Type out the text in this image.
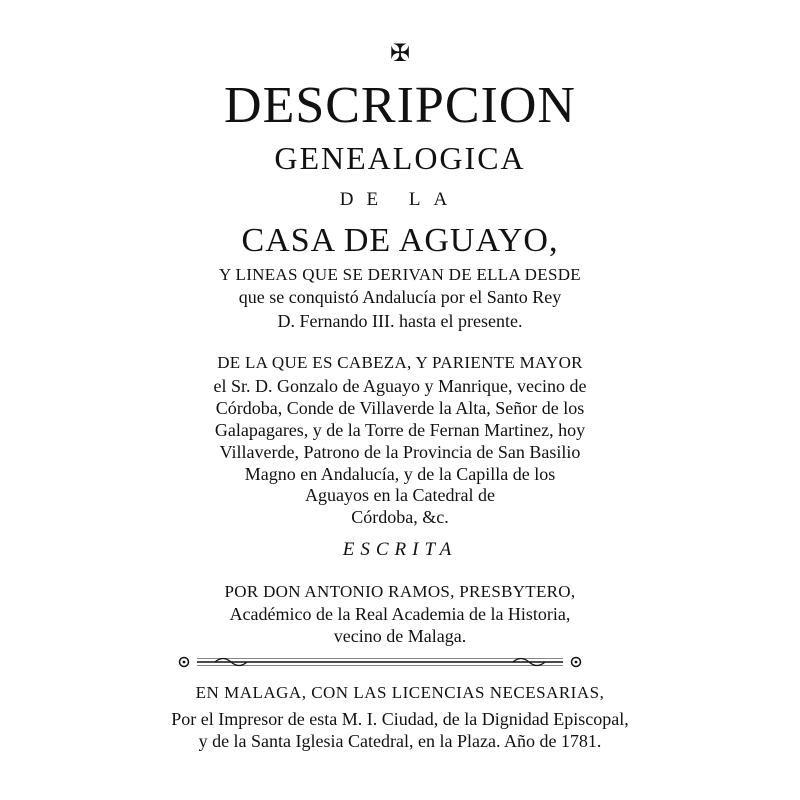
✠
DESCRIPCION
GENEALOGICA
DE LA
CASA DE AGUAYO,
Y LINEAS QUE SE DERIVAN DE ELLA DESDE
que se conquistó Andalucía por el Santo Rey
D. Fernando III. hasta el presente.
DE LA QUE ES CABEZA, Y PARIENTE MAYOR
el Sr. D. Gonzalo de Aguayo y Manrique, vecino de
Córdoba, Conde de Villaverde la Alta, Señor de los
Galapagares, y de la Torre de Fernan Martinez, hoy
Villaverde, Patrono de la Provincia de San Basilio
Magno en Andalucía, y de la Capilla de los
Aguayos en la Catedral de
Córdoba, &c.
ESCRITA
POR DON ANTONIO RAMOS, PRESBYTERO,
Académico de la Real Academia de la Historia,
vecino de Malaga.
EN MALAGA, CON LAS LICENCIAS NECESARIAS,
Por el Impresor de esta M. I. Ciudad, de la Dignidad Episcopal,
y de la Santa Iglesia Catedral, en la Plaza. Año de 1781.
